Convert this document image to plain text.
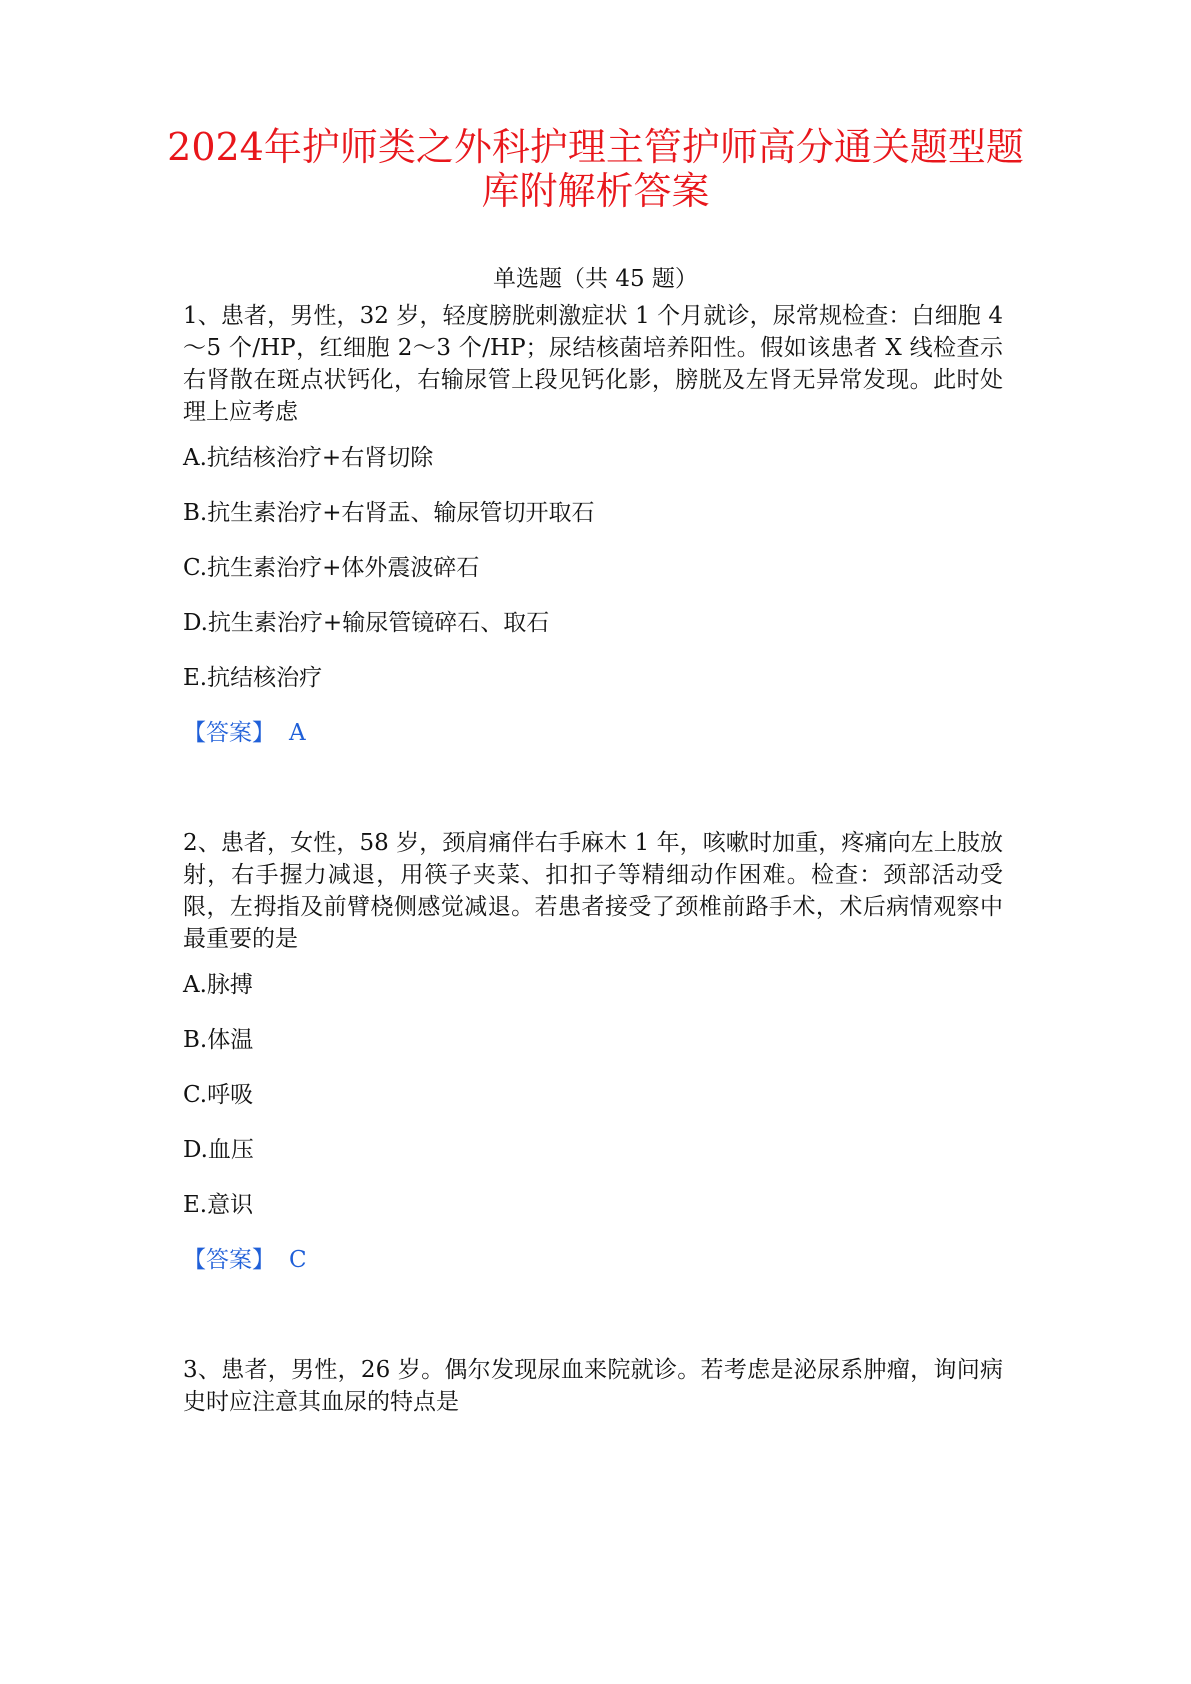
2024年护师类之外科护理主管护师高分通关题型题
库附解析答案
单选题（共 45 题）
1、患者，男性，32 岁，轻度膀胱刺激症状 1 个月就诊，尿常规检查：白细胞 4～5 个/HP，红细胞 2～3 个/HP；尿结核菌培养阳性。假如该患者 X 线检查示右肾散在斑点状钙化，右输尿管上段见钙化影，膀胱及左肾无异常发现。此时处理上应考虑
A.抗结核治疗+右肾切除
B.抗生素治疗+右肾盂、输尿管切开取石
C.抗生素治疗+体外震波碎石
D.抗生素治疗+输尿管镜碎石、取石
E.抗结核治疗
【答案】 A
2、患者，女性，58 岁，颈肩痛伴右手麻木 1 年，咳嗽时加重，疼痛向左上肢放射，右手握力减退，用筷子夹菜、扣扣子等精细动作困难。检查：颈部活动受限，左拇指及前臂桡侧感觉减退。若患者接受了颈椎前路手术，术后病情观察中最重要的是
A.脉搏
B.体温
C.呼吸
D.血压
E.意识
【答案】 C
3、患者，男性，26 岁。偶尔发现尿血来院就诊。若考虑是泌尿系肿瘤，询问病史时应注意其血尿的特点是
